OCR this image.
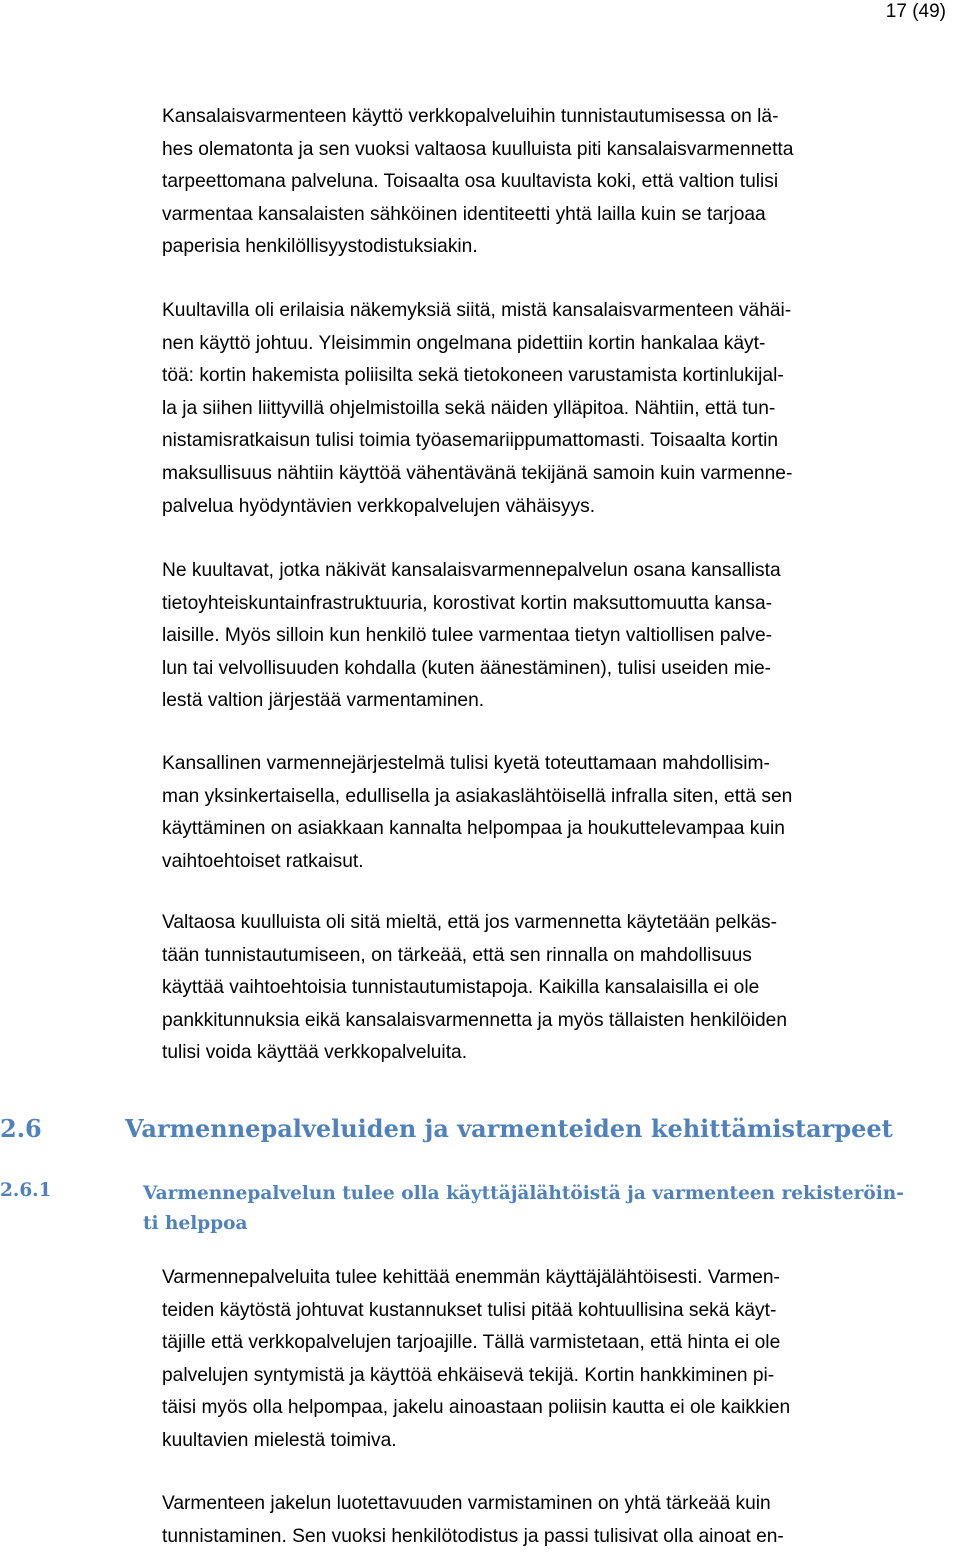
17 (49)

Kansalaisvarmenteen käyttö verkkopalveluihin tunnistautumisessa on lä-
hes olematonta ja sen vuoksi valtaosa kuulluista piti kansalaisvarmennetta
tarpeettomana palveluna. Toisaalta osa kuultavista koki, että valtion tulisi
varmentaa kansalaisten sähköinen identiteetti yhtä lailla kuin se tarjoaa
paperisia henkilöllisyystodistuksiakin.

Kuultavilla oli erilaisia näkemyksiä siitä, mistä kansalaisvarmenteen vähäi-
nen käyttö johtuu. Yleisimmin ongelmana pidettiin kortin hankalaa käyt-
töä: kortin hakemista poliisilta sekä tietokoneen varustamista kortinlukijal-
la ja siihen liittyvillä ohjelmistoilla sekä näiden ylläpitoa. Nähtiin, että tun-
nistamisratkaisun tulisi toimia työasemariippumattomasti. Toisaalta kortin
maksullisuus nähtiin käyttöä vähentävänä tekijänä samoin kuin varmenne-
palvelua hyödyntävien verkkopalvelujen vähäisyys.

Ne kuultavat, jotka näkivät kansalaisvarmennepalvelun osana kansallista
tietoyhteiskuntainfrastruktuuria, korostivat kortin maksuttomuutta kansa-
laisille. Myös silloin kun henkilö tulee varmentaa tietyn valtiollisen palve-
lun tai velvollisuuden kohdalla (kuten äänestäminen), tulisi useiden mie-
lestä valtion järjestää varmentaminen.

Kansallinen varmennejärjestelmä tulisi kyetä toteuttamaan mahdollisim-
man yksinkertaisella, edullisella ja asiakaslähtöisellä infralla siten, että sen
käyttäminen on asiakkaan kannalta helpompaa ja houkuttelevampaa kuin
vaihtoehtoiset ratkaisut.

Valtaosa kuulluista oli sitä mieltä, että jos varmennetta käytetään pelkäs-
tään tunnistautumiseen, on tärkeää, että sen rinnalla on mahdollisuus
käyttää vaihtoehtoisia tunnistautumistapoja. Kaikilla kansalaisilla ei ole
pankkitunnuksia eikä kansalaisvarmennetta ja myös tällaisten henkilöiden
tulisi voida käyttää verkkopalveluita.

2.6	Varmennepalveluiden ja varmenteiden kehittämistarpeet
2.6.1	Varmennepalvelun tulee olla käyttäjälähtöistä ja varmenteen rekisteröin-
ti helppoa

Varmennepalveluita tulee kehittää enemmän käyttäjälähtöisesti. Varmen-
teiden käytöstä johtuvat kustannukset tulisi pitää kohtuullisina sekä käyt-
täjille että verkkopalvelujen tarjoajille. Tällä varmistetaan, että hinta ei ole
palvelujen syntymistä ja käyttöä ehkäisevä tekijä. Kortin hankkiminen pi-
täisi myös olla helpompaa, jakelu ainoastaan poliisin kautta ei ole kaikkien
kuultavien mielestä toimiva.

Varmenteen jakelun luotettavuuden varmistaminen on yhtä tärkeää kuin
tunnistaminen. Sen vuoksi henkilötodistus ja passi tulisivat olla ainoat en-
